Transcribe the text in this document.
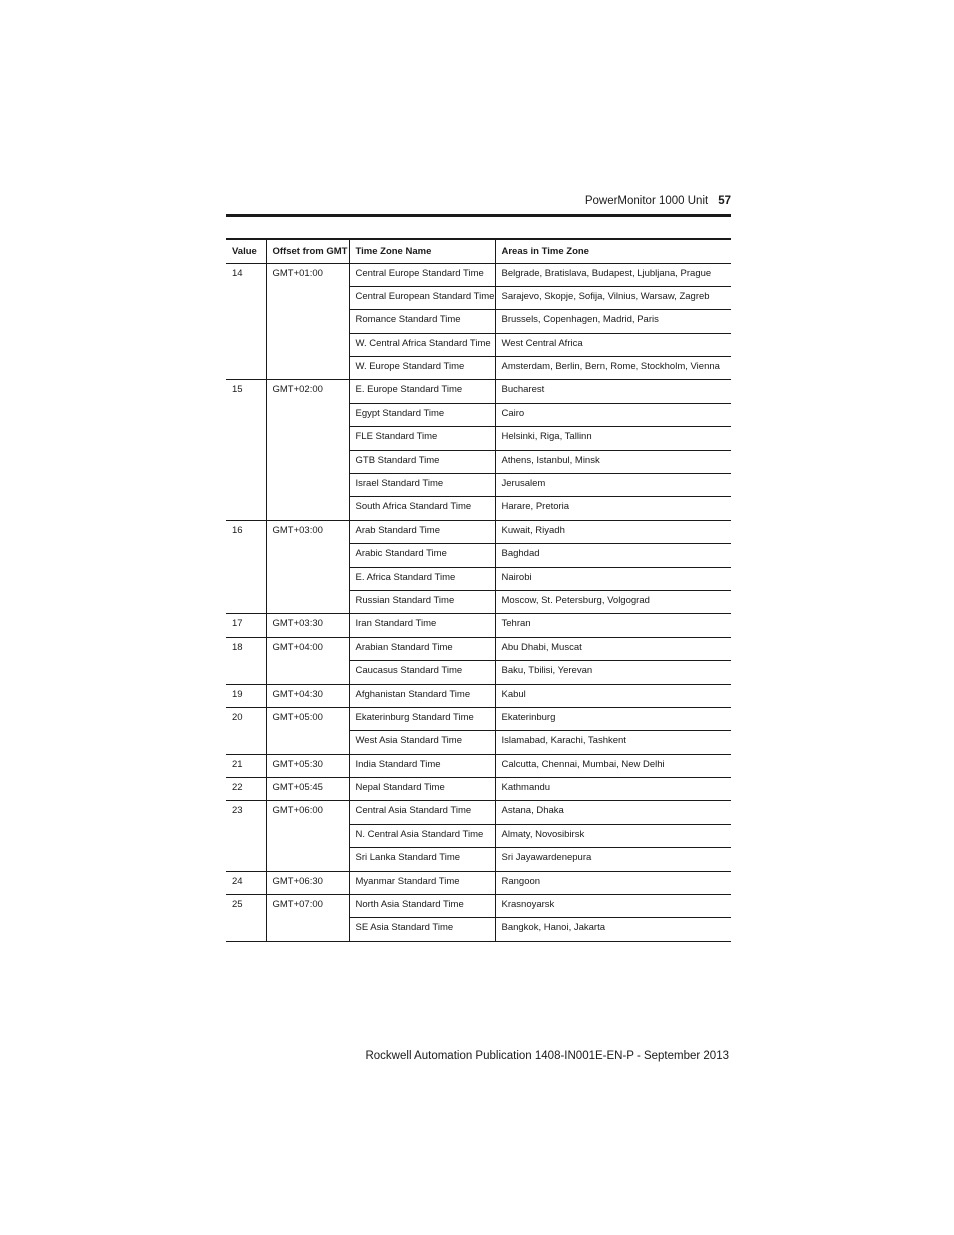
PowerMonitor 1000 Unit 57
Value	Offset from GMT	Time Zone Name	Areas in Time Zone
14	GMT+01:00	Central Europe Standard Time	Belgrade, Bratislava, Budapest, Ljubljana, Prague
		Central European Standard Time	Sarajevo, Skopje, Sofija, Vilnius, Warsaw, Zagreb
		Romance Standard Time	Brussels, Copenhagen, Madrid, Paris
		W. Central Africa Standard Time	West Central Africa
		W. Europe Standard Time	Amsterdam, Berlin, Bern, Rome, Stockholm, Vienna
15	GMT+02:00	E. Europe Standard Time	Bucharest
		Egypt Standard Time	Cairo
		FLE Standard Time	Helsinki, Riga, Tallinn
		GTB Standard Time	Athens, Istanbul, Minsk
		Israel Standard Time	Jerusalem
		South Africa Standard Time	Harare, Pretoria
16	GMT+03:00	Arab Standard Time	Kuwait, Riyadh
		Arabic Standard Time	Baghdad
		E. Africa Standard Time	Nairobi
		Russian Standard Time	Moscow, St. Petersburg, Volgograd
17	GMT+03:30	Iran Standard Time	Tehran
18	GMT+04:00	Arabian Standard Time	Abu Dhabi, Muscat
		Caucasus Standard Time	Baku, Tbilisi, Yerevan
19	GMT+04:30	Afghanistan Standard Time	Kabul
20	GMT+05:00	Ekaterinburg Standard Time	Ekaterinburg
		West Asia Standard Time	Islamabad, Karachi, Tashkent
21	GMT+05:30	India Standard Time	Calcutta, Chennai, Mumbai, New Delhi
22	GMT+05:45	Nepal Standard Time	Kathmandu
23	GMT+06:00	Central Asia Standard Time	Astana, Dhaka
		N. Central Asia Standard Time	Almaty, Novosibirsk
		Sri Lanka Standard Time	Sri Jayawardenepura
24	GMT+06:30	Myanmar Standard Time	Rangoon
25	GMT+07:00	North Asia Standard Time	Krasnoyarsk
		SE Asia Standard Time	Bangkok, Hanoi, Jakarta
Rockwell Automation Publication 1408-IN001E-EN-P - September 2013
